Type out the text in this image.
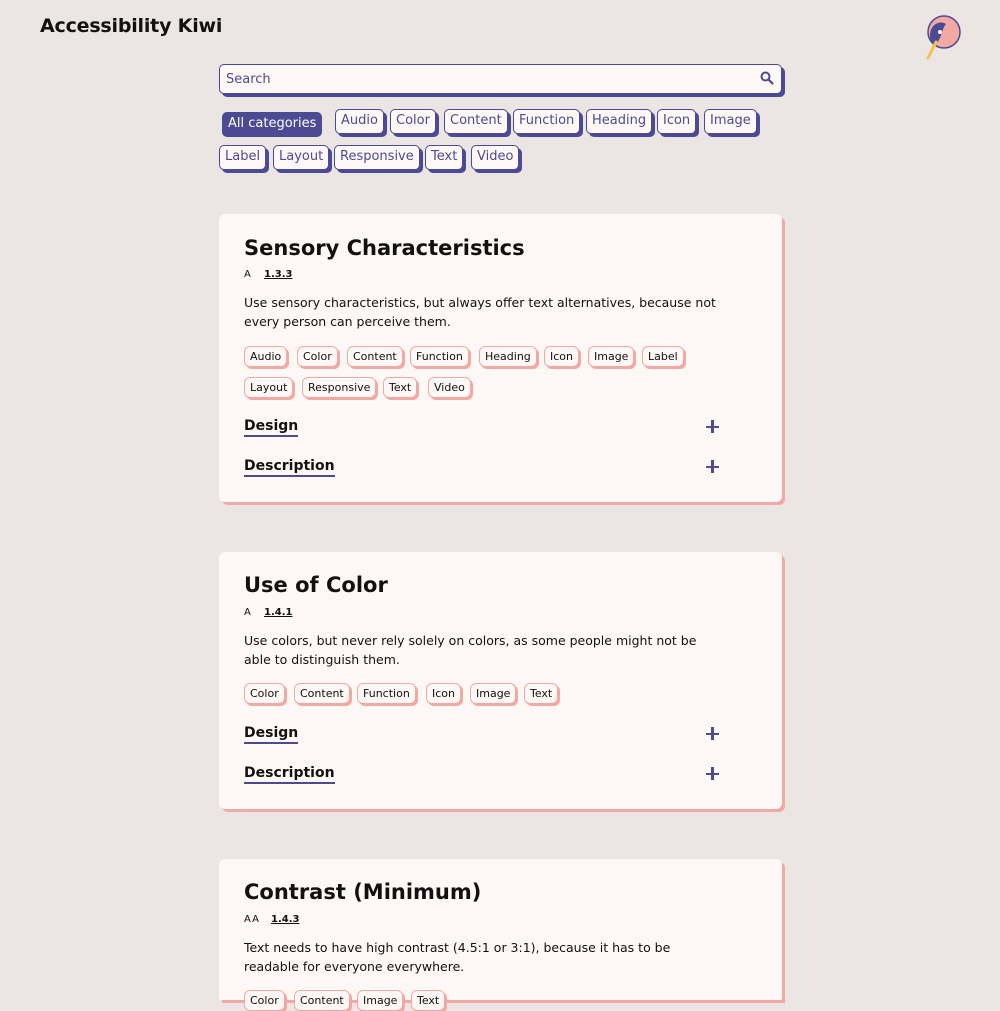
Accessibility Kiwi
Search
All categories	Audio	Color	Content	Function	Heading	Icon	Image
Label	Layout	Responsive	Text	Video
Sensory Characteristics
A 1.3.3
Use sensory characteristics, but always offer text alternatives, because not every person can perceive them.
Audio	Color	Content	Function	Heading	Icon	Image	Label
Layout	Responsive	Text	Video
Design
Description
Use of Color
A 1.4.1
Use colors, but never rely solely on colors, as some people might not be able to distinguish them.
Color	Content	Function	Icon	Image	Text
Design
Description
Contrast (Minimum)
AA 1.4.3
Text needs to have high contrast (4.5:1 or 3:1), because it has to be readable for everyone everywhere.
Color	Content	Image	Text
